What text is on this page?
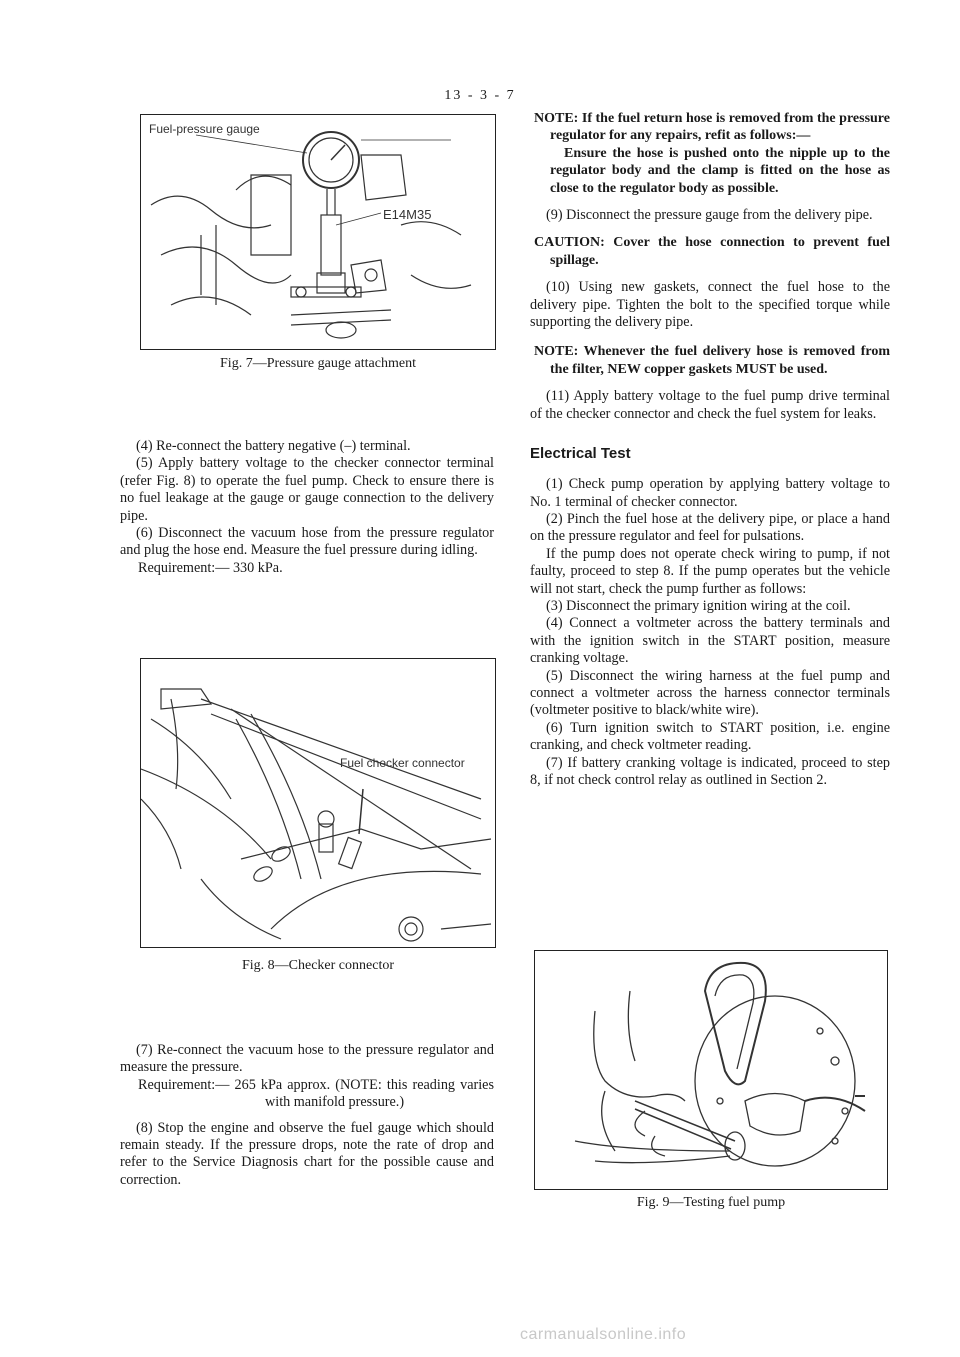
13 - 3 - 7
Fuel-pressure gauge
E14M35
Fig. 7—Pressure gauge attachment

(4) Re-connect the battery negative (–) terminal.

(5) Apply battery voltage to the checker connector terminal (refer Fig. 8) to operate the fuel pump. Check to ensure there is no fuel leakage at the gauge or gauge connection to the delivery pipe.

(6) Disconnect the vacuum hose from the pressure regulator and plug the hose end. Measure the fuel pressure during idling.

Requirement:— 330 kPa.

Fuel checker connector
Fig. 8—Checker connector

(7) Re-connect the vacuum hose to the pressure regulator and measure the pressure.

Requirement:— 265 kPa approx. (NOTE: this reading varies with manifold pressure.)

(8) Stop the engine and observe the fuel gauge which should remain steady. If the pressure drops, note the rate of drop and refer to the Service Diagnosis chart for the possible cause and correction.

NOTE: If the fuel return hose is removed from the pressure regulator for any repairs, refit as follows:—

Ensure the hose is pushed onto the nipple up to the regulator body and the clamp is fitted on the hose as close to the regulator body as possible.

(9) Disconnect the pressure gauge from the delivery pipe.

CAUTION: Cover the hose connection to prevent fuel spillage.

(10) Using new gaskets, connect the fuel hose to the delivery pipe. Tighten the bolt to the specified torque while supporting the delivery pipe.

NOTE: Whenever the fuel delivery hose is removed from the filter, NEW copper gaskets MUST be used.

(11) Apply battery voltage to the fuel pump drive terminal of the checker connector and check the fuel system for leaks.

Electrical Test

(1) Check pump operation by applying battery voltage to No. 1 terminal of checker connector.

(2) Pinch the fuel hose at the delivery pipe, or place a hand on the pressure regulator and feel for pulsations.

If the pump does not operate check wiring to pump, if not faulty, proceed to step 8. If the pump operates but the vehicle will not start, check the pump further as follows:

(3) Disconnect the primary ignition wiring at the coil.

(4) Connect a voltmeter across the battery terminals and with the ignition switch in the START position, measure cranking voltage.

(5) Disconnect the wiring harness at the fuel pump and connect a voltmeter across the harness connector terminals (voltmeter positive to black/white wire).

(6) Turn ignition switch to START position, i.e. engine cranking, and check voltmeter reading.

(7) If battery cranking voltage is indicated, proceed to step 8, if not check control relay as outlined in Section 2.

Fig. 9—Testing fuel pump
carmanualsonline.info
